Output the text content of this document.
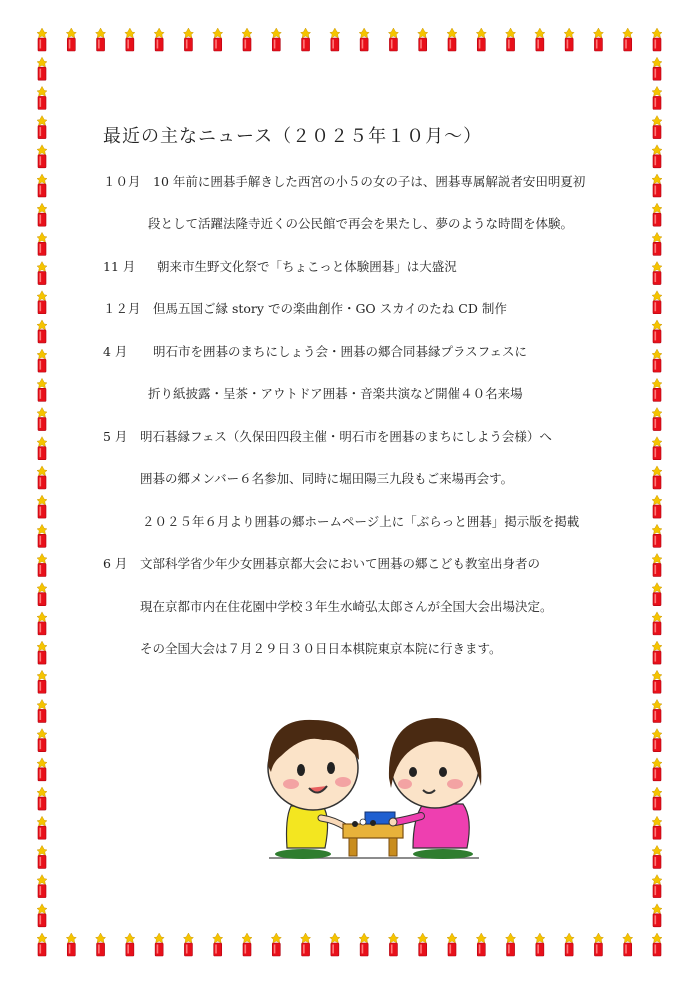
最近の主なニュース（２０２５年１０月～）
１０月 10 年前に囲碁手解きした西宮の小５の女の子は、囲碁専属解説者安田明夏初
段として活躍法隆寺近くの公民館で再会を果たし、夢のような時間を体験。
11 月 朝来市生野文化祭で「ちょこっと体験囲碁」は大盛況
１２月 但馬五国ご縁 story での楽曲創作・GO スカイのたね CD 制作
4 月 明石市を囲碁のまちにしょう会・囲碁の郷合同碁縁プラスフェスに
折り紙披露・呈茶・アウトドア囲碁・音楽共演など開催４０名来場
5 月 明石碁縁フェス（久保田四段主催・明石市を囲碁のまちにしよう会様）へ
囲碁の郷メンバー６名参加、同時に堀田陽三九段もご来場再会す。
２０２５年６月より囲碁の郷ホームページ上に「ぶらっと囲碁」掲示版を掲載
6 月 文部科学省少年少女囲碁京都大会において囲碁の郷こども教室出身者の
現在京都市内在住花園中学校３年生水崎弘太郎さんが全国大会出場決定。
その全国大会は７月２９日３０日日本棋院東京本院に行きます。
